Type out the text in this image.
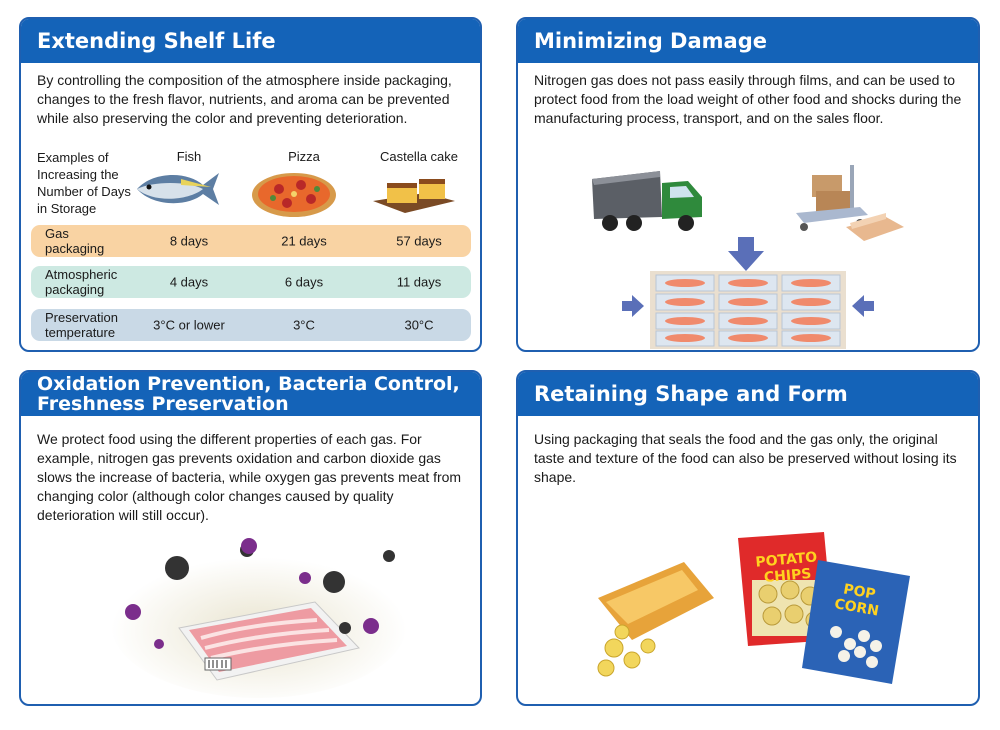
Extending Shelf Life
By controlling the composition of the atmosphere inside packaging, changes to the fresh flavor, nutrients, and aroma can be prevented while also preserving the color and preventing deterioration.
Examples of Increasing the Number of Days in Storage
Fish	Pizza	Castella cake
Gas packaging	8 days	21 days	57 days
Atmospheric packaging	4 days	6 days	11 days
Preservation temperature	3°C or lower	3°C	30°C
Minimizing Damage
Nitrogen gas does not pass easily through films, and can be used to protect food from the load weight of other food and shocks during the manufacturing process, transport, and on the sales floor.
Oxidation Prevention, Bacteria Control, Freshness Preservation
We protect food using the different properties of each gas. For example, nitrogen gas prevents oxidation and carbon dioxide gas slows the increase of bacteria, while oxygen gas prevents meat from changing color (although color changes caused by quality deterioration will still occur).
Retaining Shape and Form
Using packaging that seals the food and the gas only, the original taste and texture of the food can also be preserved without losing its shape.
POTATO CHIPS
POP CORN
